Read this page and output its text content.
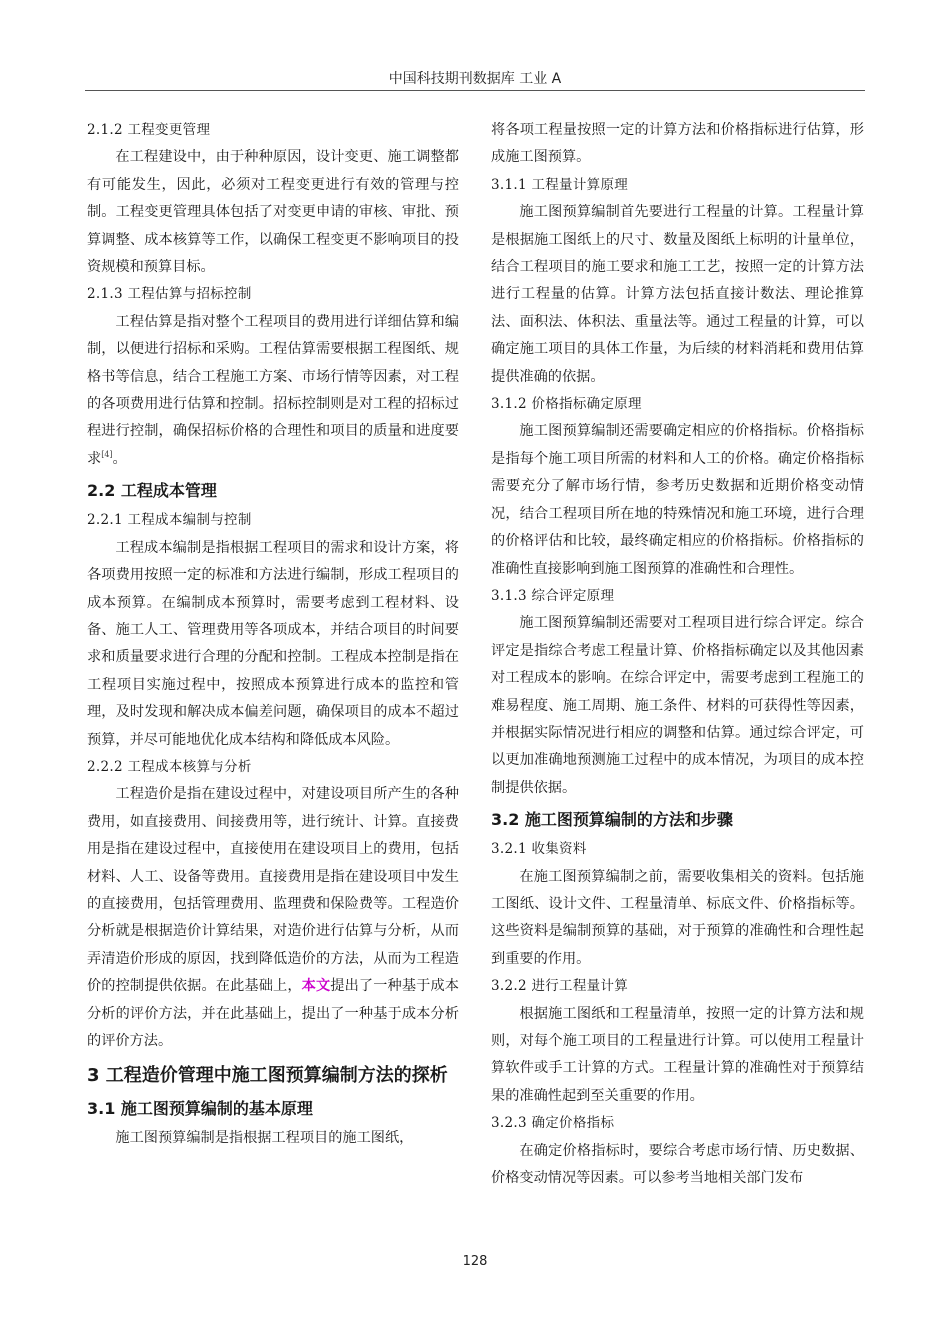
中国科技期刊数据库 工业 A
2.1.2 工程变更管理

在工程建设中，由于种种原因，设计变更、施工调整都有可能发生，因此，必须对工程变更进行有效的管理与控制。工程变更管理具体包括了对变更申请的审核、审批、预算调整、成本核算等工作，以确保工程变更不影响项目的投资规模和预算目标。

2.1.3 工程估算与招标控制

工程估算是指对整个工程项目的费用进行详细估算和编制，以便进行招标和采购。工程估算需要根据工程图纸、规格书等信息，结合工程施工方案、市场行情等因素，对工程的各项费用进行估算和控制。招标控制则是对工程的招标过程进行控制，确保招标价格的合理性和项目的质量和进度要求[4]。

2.2 工程成本管理
2.2.1 工程成本编制与控制

工程成本编制是指根据工程项目的需求和设计方案，将各项费用按照一定的标准和方法进行编制，形成工程项目的成本预算。在编制成本预算时，需要考虑到工程材料、设备、施工人工、管理费用等各项成本，并结合项目的时间要求和质量要求进行合理的分配和控制。工程成本控制是指在工程项目实施过程中，按照成本预算进行成本的监控和管理，及时发现和解决成本偏差问题，确保项目的成本不超过预算，并尽可能地优化成本结构和降低成本风险。

2.2.2 工程成本核算与分析

工程造价是指在建设过程中，对建设项目所产生的各种费用，如直接费用、间接费用等，进行统计、计算。直接费用是指在建设过程中，直接使用在建设项目上的费用，包括材料、人工、设备等费用。直接费用是指在建设项目中发生的直接费用，包括管理费用、监理费和保险费等。工程造价分析就是根据造价计算结果，对造价进行估算与分析，从而弄清造价形成的原因，找到降低造价的方法，从而为工程造价的控制提供依据。在此基础上，本文提出了一种基于成本分析的评价方法，并在此基础上，提出了一种基于成本分析的评价方法。

3 工程造价管理中施工图预算编制方法的探析
3.1 施工图预算编制的基本原理

施工图预算编制是指根据工程项目的施工图纸，

将各项工程量按照一定的计算方法和价格指标进行估算，形成施工图预算。

3.1.1 工程量计算原理

施工图预算编制首先要进行工程量的计算。工程量计算是根据施工图纸上的尺寸、数量及图纸上标明的计量单位，结合工程项目的施工要求和施工工艺，按照一定的计算方法进行工程量的估算。计算方法包括直接计数法、理论推算法、面积法、体积法、重量法等。通过工程量的计算，可以确定施工项目的具体工作量，为后续的材料消耗和费用估算提供准确的依据。

3.1.2 价格指标确定原理

施工图预算编制还需要确定相应的价格指标。价格指标是指每个施工项目所需的材料和人工的价格。确定价格指标需要充分了解市场行情，参考历史数据和近期价格变动情况，结合工程项目所在地的特殊情况和施工环境，进行合理的价格评估和比较，最终确定相应的价格指标。价格指标的准确性直接影响到施工图预算的准确性和合理性。

3.1.3 综合评定原理

施工图预算编制还需要对工程项目进行综合评定。综合评定是指综合考虑工程量计算、价格指标确定以及其他因素对工程成本的影响。在综合评定中，需要考虑到工程施工的难易程度、施工周期、施工条件、材料的可获得性等因素，并根据实际情况进行相应的调整和估算。通过综合评定，可以更加准确地预测施工过程中的成本情况，为项目的成本控制提供依据。

3.2 施工图预算编制的方法和步骤
3.2.1 收集资料

在施工图预算编制之前，需要收集相关的资料。包括施工图纸、设计文件、工程量清单、标底文件、价格指标等。这些资料是编制预算的基础，对于预算的准确性和合理性起到重要的作用。

3.2.2 进行工程量计算

根据施工图纸和工程量清单，按照一定的计算方法和规则，对每个施工项目的工程量进行计算。可以使用工程量计算软件或手工计算的方式。工程量计算的准确性对于预算结果的准确性起到至关重要的作用。

3.2.3 确定价格指标

在确定价格指标时，要综合考虑市场行情、历史数据、价格变动情况等因素。可以参考当地相关部门发布

128
